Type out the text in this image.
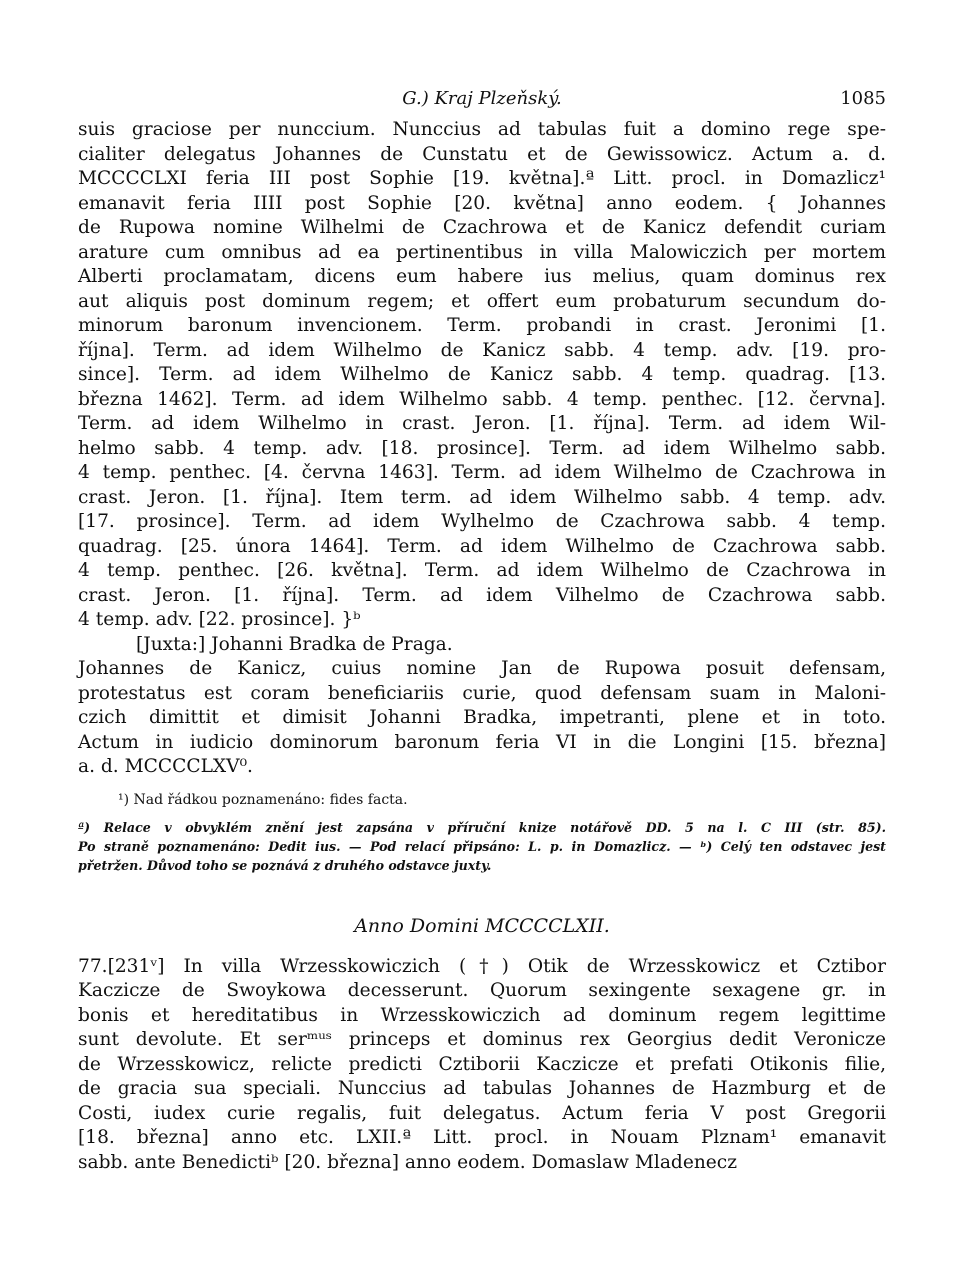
G.) Kraj Plzeňský.	1085

suis graciose per nunccium. Nunccius ad tabulas fuit a domino rege spe-
cialiter delegatus Johannes de Cunstatu et de Gewissowicz. Actum a. d.
MCCCCLXI feria III post Sophie [19. května].ª Litt. procl. in Domazlicz¹
emanavit feria IIII post Sophie [20. května] anno eodem. { Johannes
de Rupowa nomine Wilhelmi de Czachrowa et de Kanicz defendit curiam
arature cum omnibus ad ea pertinentibus in villa Malowiczich per mortem
Alberti proclamatam, dicens eum habere ius melius, quam dominus rex
aut aliquis post dominum regem; et offert eum probaturum secundum do-
minorum baronum invencionem. Term. probandi in crast. Jeronimi [1.
října]. Term. ad idem Wilhelmo de Kanicz sabb. 4 temp. adv. [19. pro-
since]. Term. ad idem Wilhelmo de Kanicz sabb. 4 temp. quadrag. [13.
března 1462]. Term. ad idem Wilhelmo sabb. 4 temp. penthec. [12. června].
Term. ad idem Wilhelmo in crast. Jeron. [1. října]. Term. ad idem Wil-
helmo sabb. 4 temp. adv. [18. prosince]. Term. ad idem Wilhelmo sabb.
4 temp. penthec. [4. června 1463]. Term. ad idem Wilhelmo de Czachrowa in
crast. Jeron. [1. října]. Item term. ad idem Wilhelmo sabb. 4 temp. adv.
[17. prosince]. Term. ad idem Wylhelmo de Czachrowa sabb. 4 temp.
quadrag. [25. února 1464]. Term. ad idem Wilhelmo de Czachrowa sabb.
4 temp. penthec. [26. května]. Term. ad idem Wilhelmo de Czachrowa in
crast. Jeron. [1. října]. Term. ad idem Vilhelmo de Czachrowa sabb.
4 temp. adv. [22. prosince]. }ᵇ

[Juxta:] Johanni Bradka de Praga.

Johannes de Kanicz, cuius nomine Jan de Rupowa posuit defensam,
protestatus est coram beneficiariis curie, quod defensam suam in Maloni-
czich dimittit et dimisit Johanni Bradka, impetranti, plene et in toto.
Actum in iudicio dominorum baronum feria VI in die Longini [15. března]
a. d. MCCCCLXV⁰.

¹) Nad řádkou poznamenáno: fides facta.
ª) Relace v obvyklém znění jest zapsána v příruční knize notářově DD. 5 na l. C III (str. 85).
Po straně poznamenáno: Dedit ius. — Pod relací připsáno: L. p. in Domazlicz. — ᵇ) Celý ten odstavec jest
přetržen. Důvod toho se poznává z druhého odstavce juxty.
Anno Domini MCCCCLXII.

77.[231ᵛ] In villa Wrzesskowiczich (†) Otik de Wrzesskowicz et Cztibor
Kaczicze de Swoykowa decesserunt. Quorum sexingente sexagene gr. in
bonis et hereditatibus in Wrzesskowiczich ad dominum regem legittime
sunt devolute. Et serᵐᵘˢ princeps et dominus rex Georgius dedit Veronicze
de Wrzesskowicz, relicte predicti Cztiborii Kaczicze et prefati Otikonis filie,
de gracia sua speciali. Nunccius ad tabulas Johannes de Hazmburg et de
Costi, iudex curie regalis, fuit delegatus. Actum feria V post Gregorii
[18. března] anno etc. LXII.ª Litt. procl. in Nouam Plznam¹ emanavit
sabb. ante Benedictiᵇ [20. března] anno eodem. Domaslaw Mladenecz
